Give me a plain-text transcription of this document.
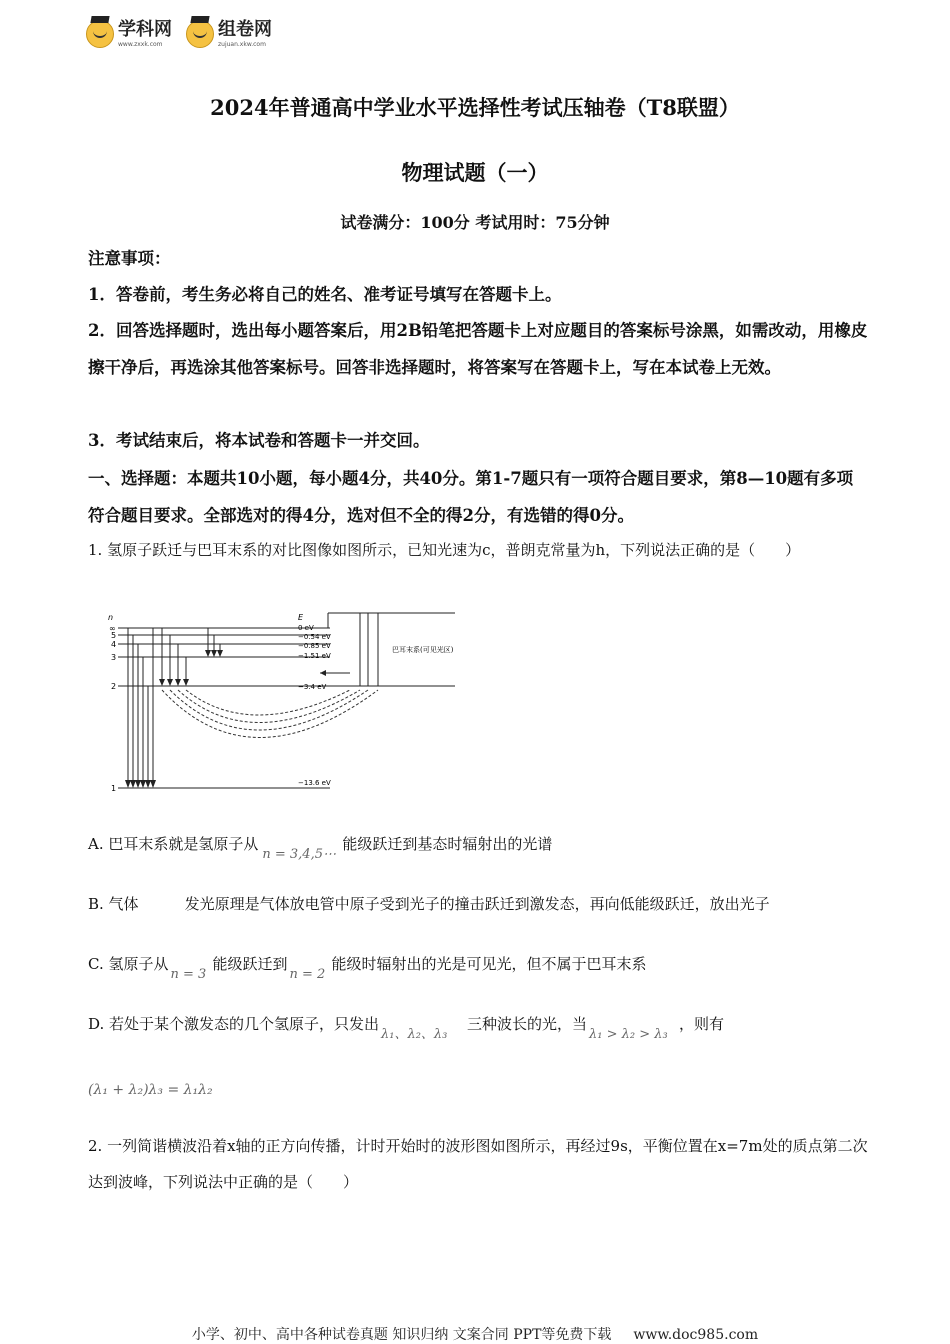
学科网
www.zxxk.com
组卷网
zujuan.xkw.com
2024年普通高中学业水平选择性考试压轴卷（T8联盟）
物理试题（一）
试卷满分：100分 考试用时：75分钟
注意事项：
1．答卷前，考生务必将自己的姓名、准考证号填写在答题卡上。
2．回答选择题时，选出每小题答案后，用2B铅笔把答题卡上对应题目的答案标号涂黑，如需改动，用橡皮擦干净后，再选涂其他答案标号。回答非选择题时，将答案写在答题卡上，写在本试卷上无效。
3．考试结束后，将本试卷和答题卡一并交回。
一、选择题：本题共10小题，每小题4分，共40分。第1-7题只有一项符合题目要求，第8—10题有多项符合题目要求。全部选对的得4分，选对但不全的得2分，有选错的得0分。
1. 氢原子跃迁与巴耳末系的对比图像如图所示，已知光速为c，普朗克常量为h，下列说法正确的是（　　）
n	E
∞
5
4
3
2
1
0 eV
−0.54 eV
−0.85 eV
−1.51 eV
−3.4 eV
−13.6 eV
巴耳末系(可见光区)
A. 巴耳末系就是氢原子从
n = 3,4,5⋯
能级跃迁到基态时辐射出的光谱
B. 气体	发光原理是气体放电管中原子受到光子的撞击跃迁到激发态，再向低能级跃迁，放出光子
C. 氢原子从
n = 3
能级跃迁到
n = 2
能级时辐射出的光是可见光，但不属于巴耳末系
D. 若处于某个激发态的几个氢原子，只发出
λ₁、λ₂、λ₃
三种波长的光，当
λ₁ > λ₂ > λ₃
，则有
(λ₁ + λ₂)λ₃ = λ₁λ₂
2. 一列简谐横波沿着x轴的正方向传播，计时开始时的波形图如图所示，再经过9s，平衡位置在x=7m处的质点第二次达到波峰，下列说法中正确的是（　　）
小学、初中、高中各种试卷真题 知识归纳 文案合同 PPT等免费下载 www.doc985.com
